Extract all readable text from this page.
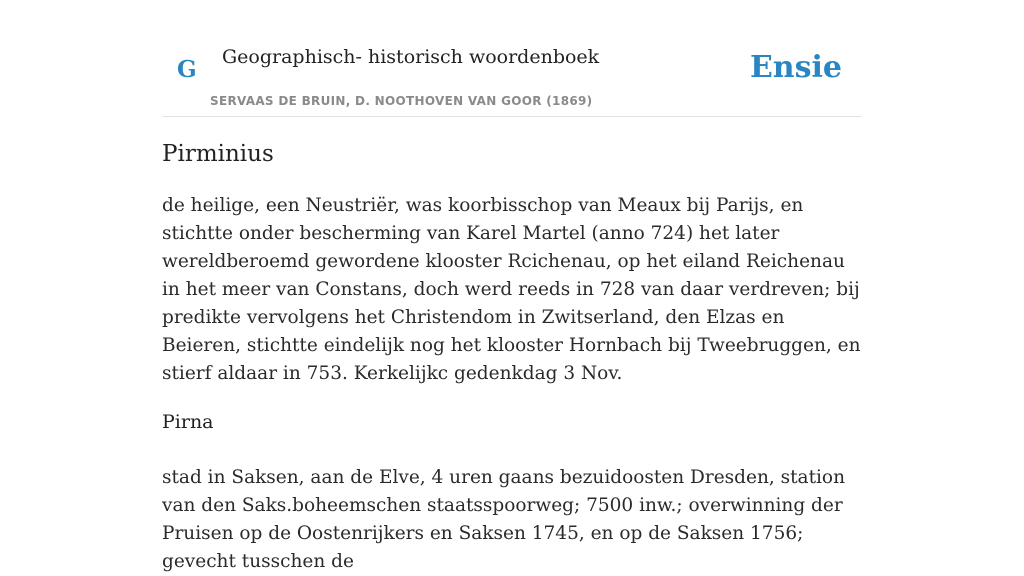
G Geographisch- historisch woordenboek
SERVAAS DE BRUIN, D. NOOTHOVEN VAN GOOR (1869)
Ensie
Pirminius

de heilige, een Neustriër, was koorbisschop van Meaux bij Parijs, en stichtte onder bescherming van Karel Martel (anno 724) het later wereldberoemd gewordene klooster Rcichenau, op het eiland Reichenau in het meer van Constans, doch werd reeds in 728 van daar verdreven; bij predikte vervolgens het Christendom in Zwitserland, den Elzas en Beieren, stichtte eindelijk nog het klooster Hornbach bij Tweebruggen, en stierf aldaar in 753. Kerkelijkc gedenkdag 3 Nov.

Pirna

stad in Saksen, aan de Elve, 4 uren gaans bezuidoosten Dresden, station van den Saks.boheemschen staatsspoorweg; 7500 inw.; overwinning der Pruisen op de Oostenrijkers en Saksen 1745, en op de Saksen 1756; gevecht tusschen de
